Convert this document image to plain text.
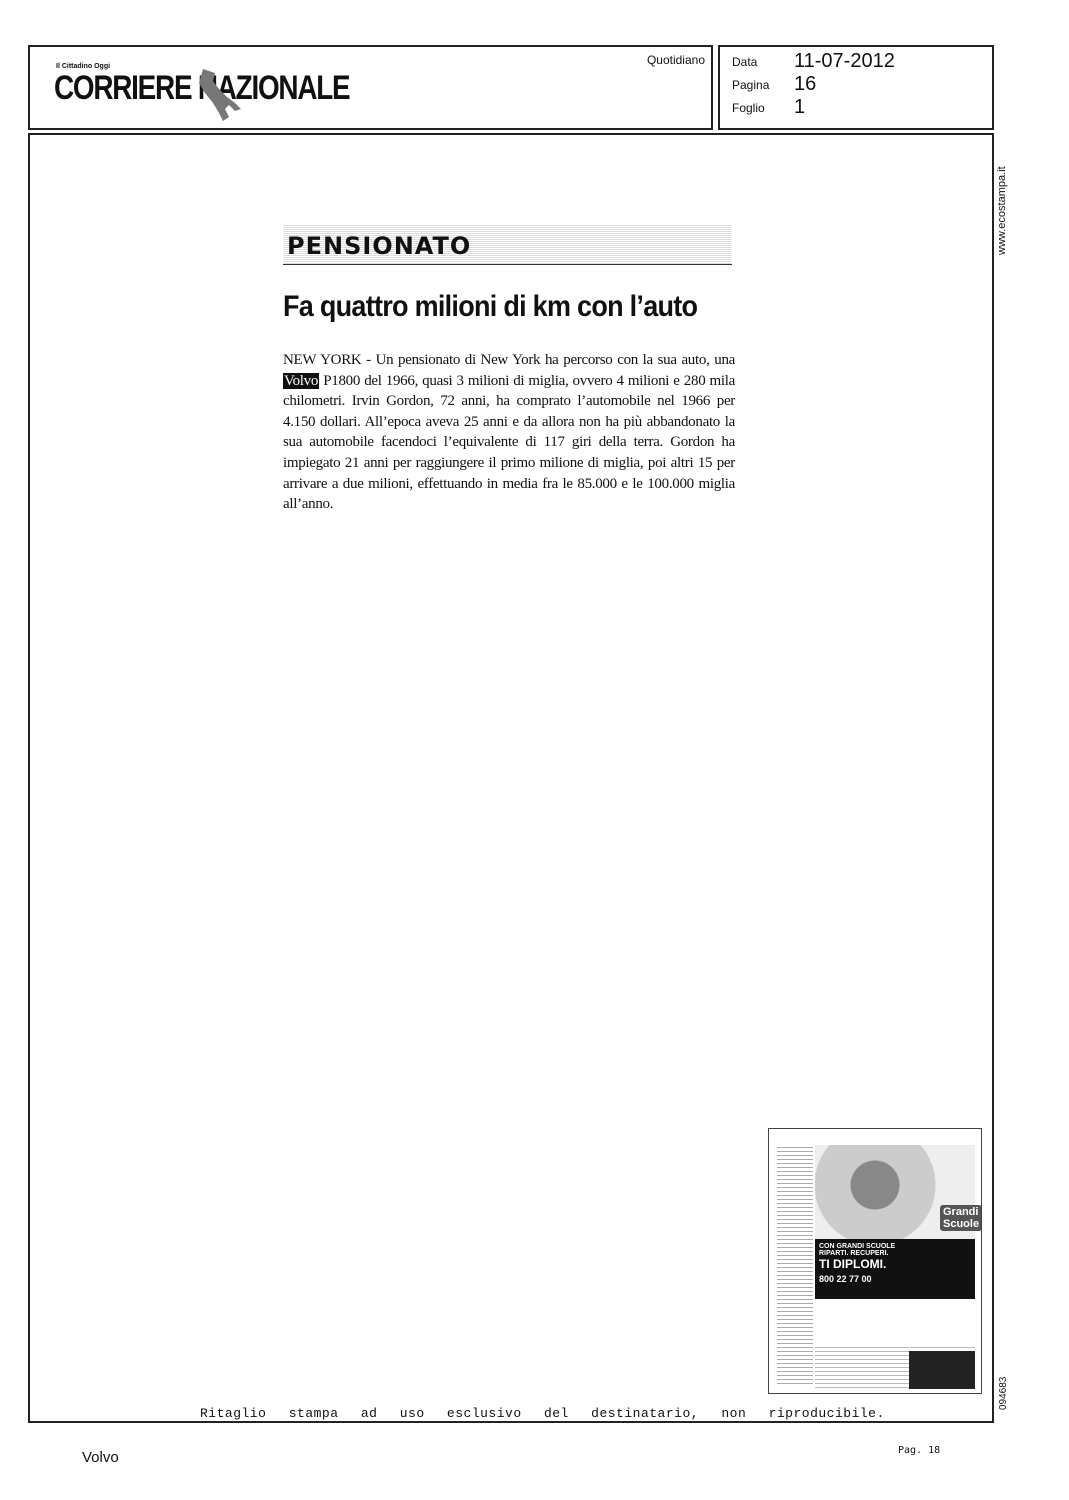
Il Cittadino Oggi
CORRIERE NAZIONALE
Quotidiano Data 11-07-2012
Pagina 16
Foglio 1
PENSIONATO
Fa quattro milioni di km con l’auto
NEW YORK - Un pensionato di New York ha percorso con la sua auto, una Volvo P1800 del 1966, quasi 3 milioni di miglia, ovvero 4 milioni e 280 mila chilometri. Irvin Gordon, 72 anni, ha comprato l’automobile nel 1966 per 4.150 dollari. All’epoca aveva 25 anni e da allora non ha più abbandonato la sua automobile facendoci l’equivalente di 117 giri della terra. Gordon ha impiegato 21 anni per raggiungere il primo milione di miglia, poi altri 15 per arrivare a due milioni, effettuando in media fra le 85.000 e le 100.000 miglia all’anno.
www.ecostampa.it
094683
Grandi Scuole
CON GRANDI SCUOLE
RIPARTI. RECUPERI.
TI DIPLOMI.
800 22 77 00
Ritaglio stampa ad uso esclusivo del destinatario, non riproducibile.
Volvo	Pag. 18
